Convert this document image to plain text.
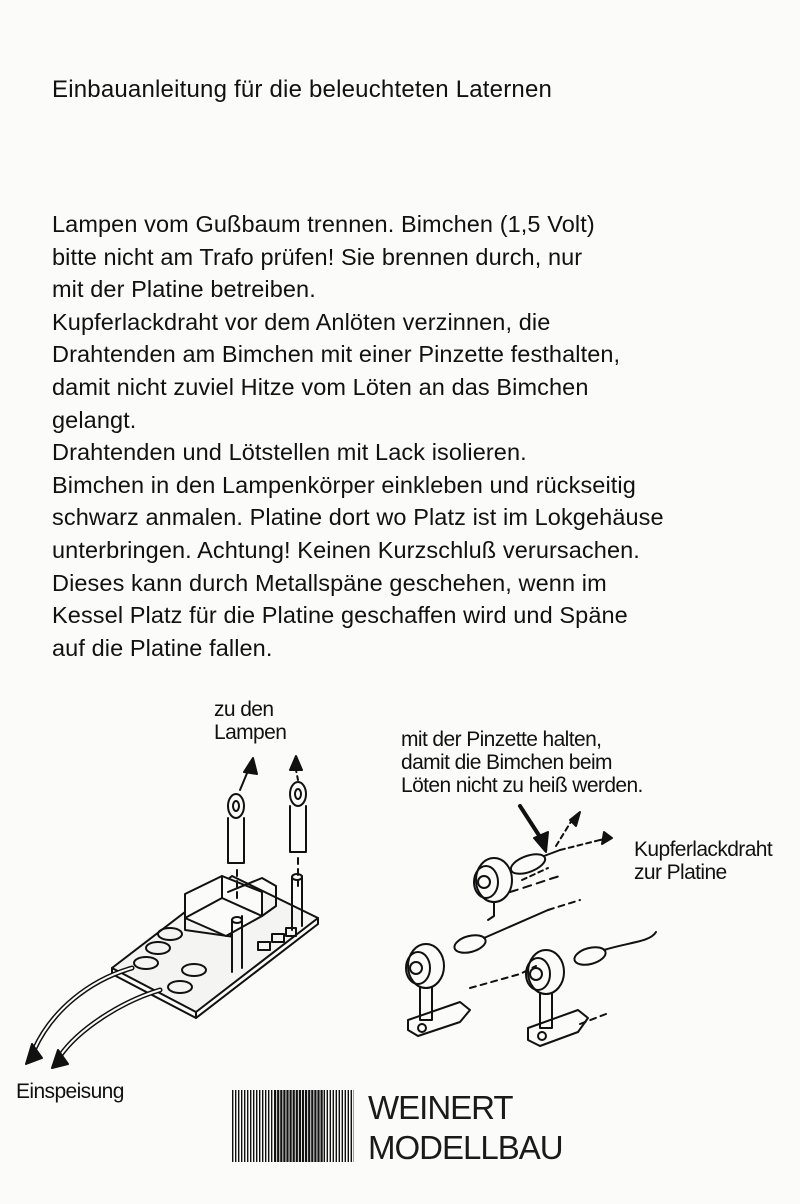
Einbauanleitung für die beleuchteten Laternen
Lampen vom Gußbaum trennen. Bimchen (1,5 Volt)
bitte nicht am Trafo prüfen! Sie brennen durch, nur
mit der Platine betreiben.
Kupferlackdraht vor dem Anlöten verzinnen, die
Drahtenden am Bimchen mit einer Pinzette festhalten,
damit nicht zuviel Hitze vom Löten an das Bimchen
gelangt.
Drahtenden und Lötstellen mit Lack isolieren.
Bimchen in den Lampenkörper einkleben und rückseitig
schwarz anmalen. Platine dort wo Platz ist im Lokgehäuse
unterbringen. Achtung! Keinen Kurzschluß verursachen.
Dieses kann durch Metallspäne geschehen, wenn im
Kessel Platz für die Platine geschaffen wird und Späne
auf die Platine fallen.
zu den
Lampen	mit der Pinzette halten,
damit die Bimchen beim
Löten nicht zu heiß werden.
Kupferlackdraht
zur Platine
Einspeisung	WEINERT
MODELLBAU
